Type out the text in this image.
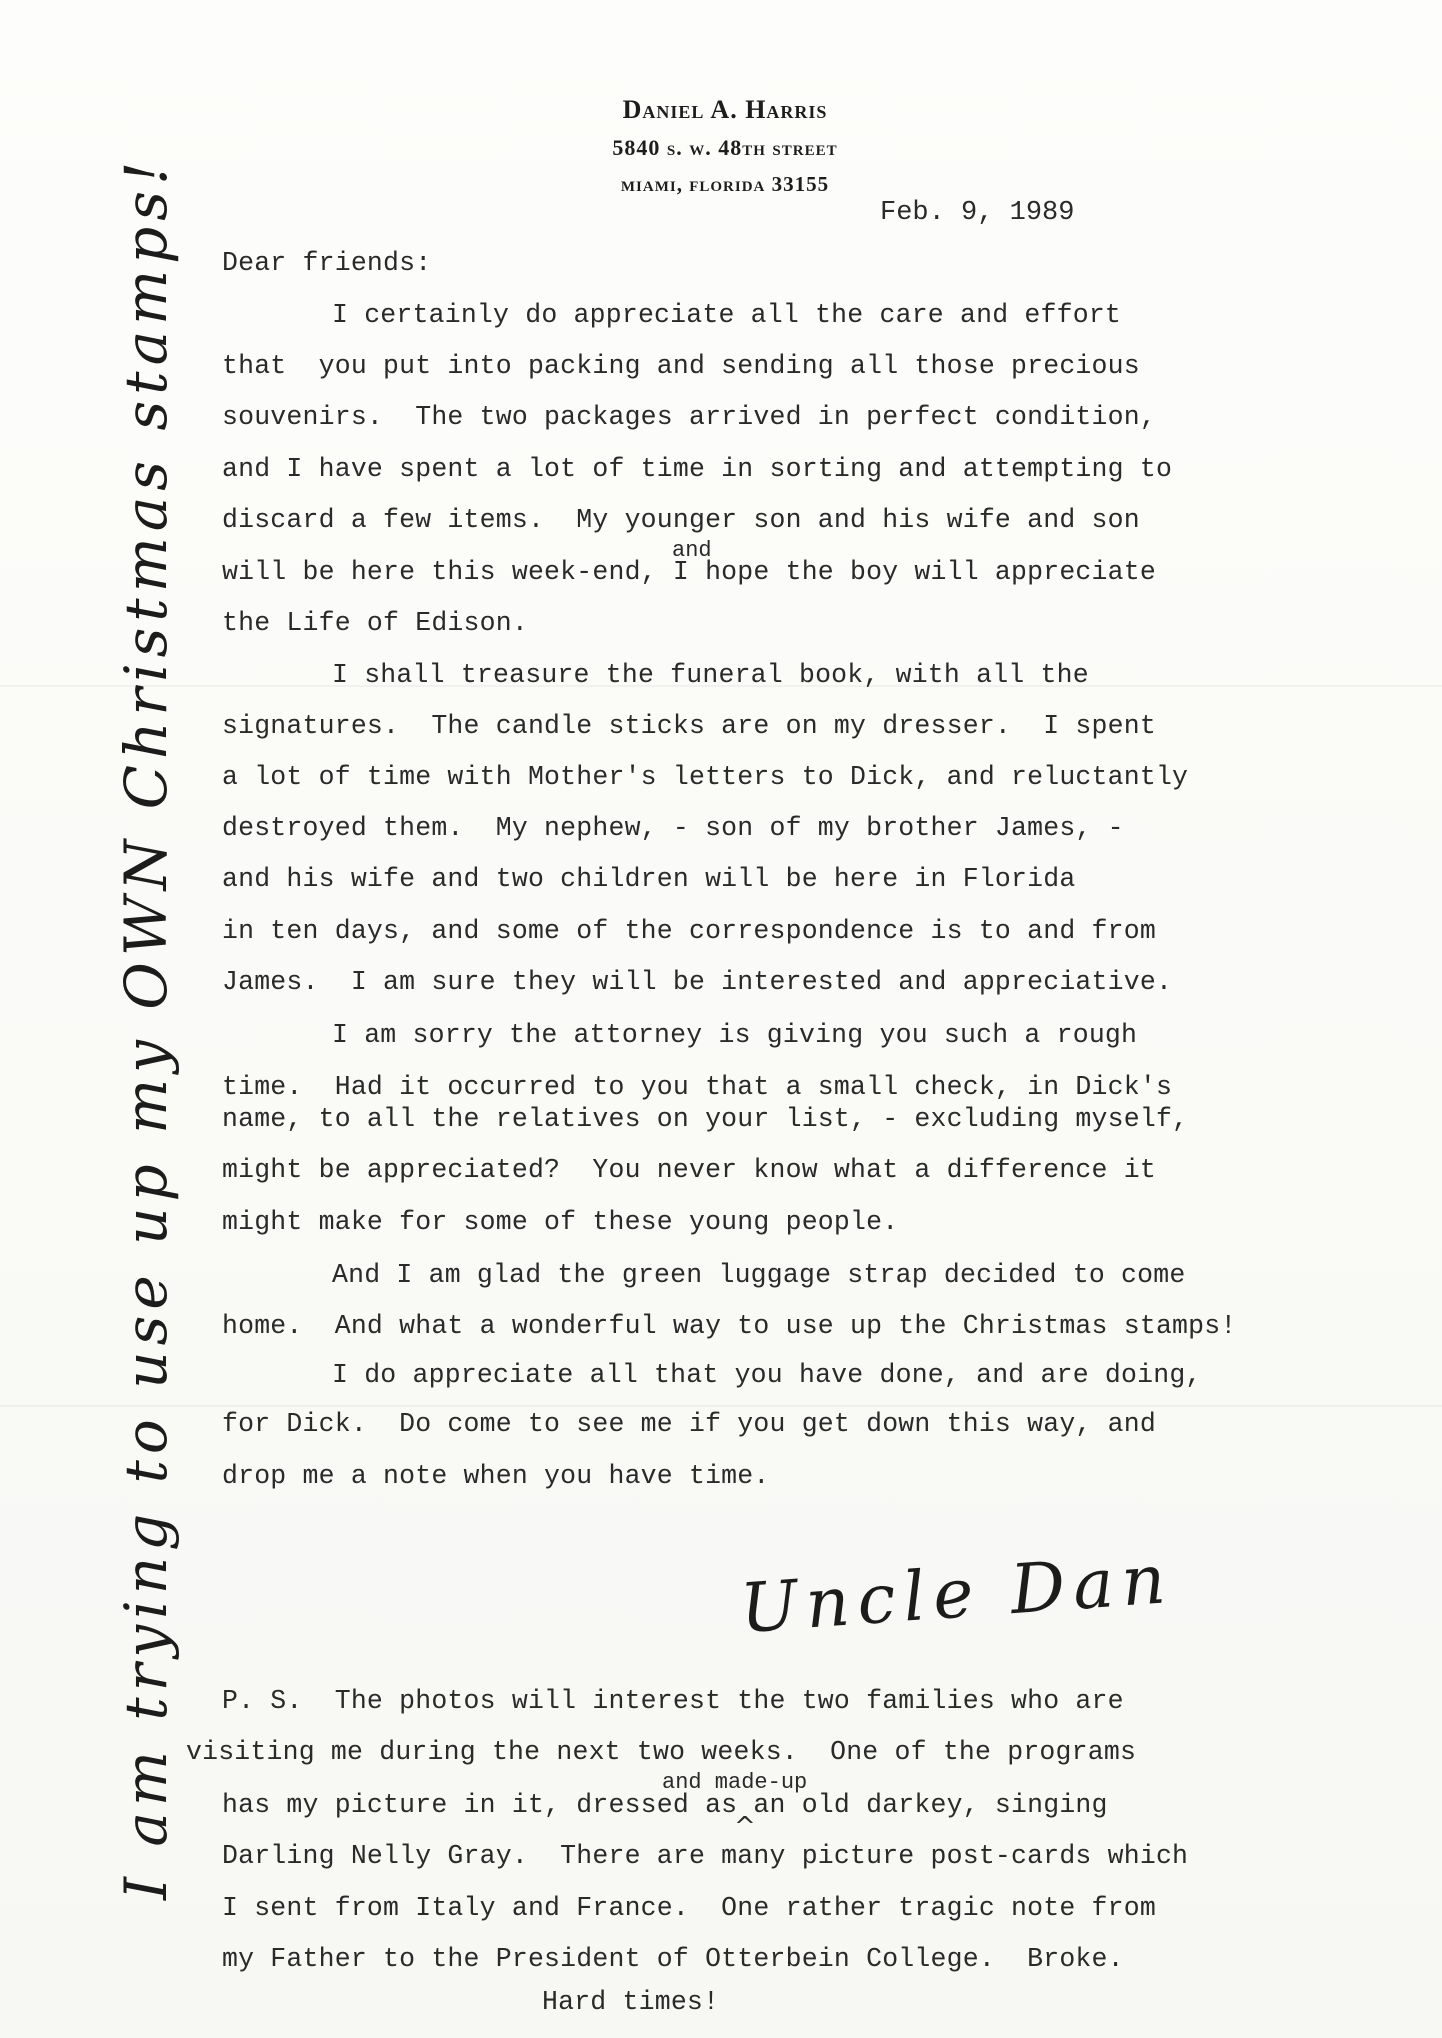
Daniel A. Harris
5840 s. w. 48th street
miami, florida 33155
Feb. 9, 1989
Dear friends:
I certainly do appreciate all the care and effort
that  you put into packing and sending all those precious
souvenirs.  The two packages arrived in perfect condition,
and I have spent a lot of time in sorting and attempting to
discard a few items.  My younger son and his wife and son
and
will be here this week-end, I hope the boy will appreciate
the Life of Edison.
I shall treasure the funeral book, with all the
signatures.  The candle sticks are on my dresser.  I spent
a lot of time with Mother's letters to Dick, and reluctantly
destroyed them.  My nephew, - son of my brother James, -
and his wife and two children will be here in Florida
in ten days, and some of the correspondence is to and from
James.  I am sure they will be interested and appreciative.
I am sorry the attorney is giving you such a rough
time.  Had it occurred to you that a small check, in Dick's
name, to all the relatives on your list, - excluding myself,
might be appreciated?  You never know what a difference it
might make for some of these young people.
And I am glad the green luggage strap decided to come
home.  And what a wonderful way to use up the Christmas stamps!
I do appreciate all that you have done, and are doing,
for Dick.  Do come to see me if you get down this way, and
drop me a note when you have time.
Uncle Dan
P. S.  The photos will interest the two families who are
visiting me during the next two weeks.  One of the programs
and made-up
has my picture in it, dressed as an old darkey, singing
^
Darling Nelly Gray.  There are many picture post-cards which
I sent from Italy and France.  One rather tragic note from
my Father to the President of Otterbein College.  Broke.
Hard times!
I am trying to use up my OWN Christmas stamps!
